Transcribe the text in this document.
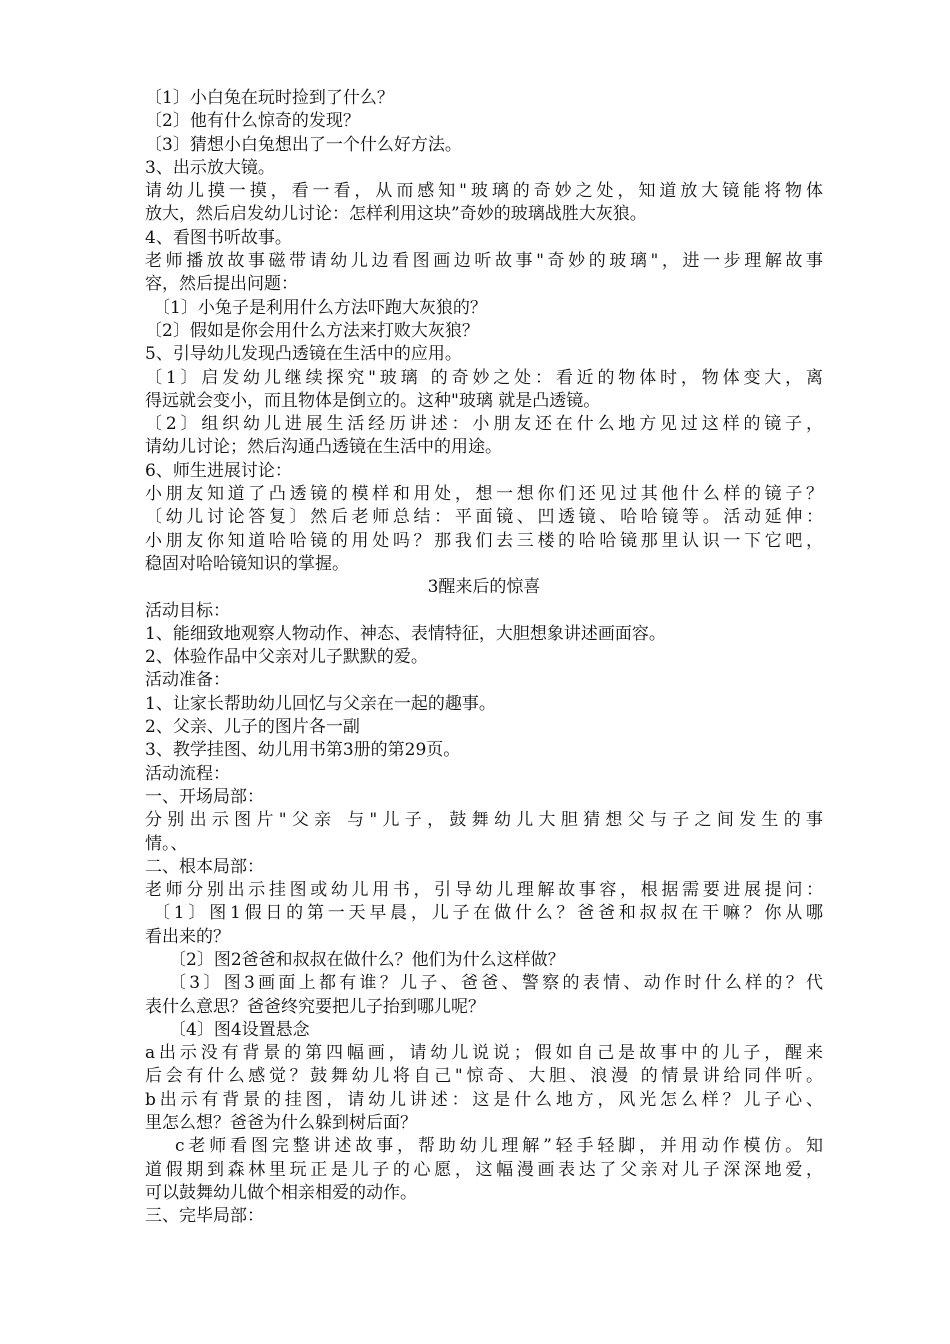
〔1〕小白兔在玩时捡到了什么？
〔2〕他有什么惊奇的发现？
〔3〕猜想小白兔想出了一个什么好方法。
3、出示放大镜。
请幼儿摸一摸，看一看，从而感知"玻璃的奇妙之处，知道放大镜能将物体
放大，然后启发幼儿讨论：怎样利用这块”奇妙的玻璃战胜大灰狼。
4、看图书听故事。
老师播放故事磁带请幼儿边看图画边听故事"奇妙的玻璃"，进一步理解故事
容，然后提出问题：
〔1〕小兔子是利用什么方法吓跑大灰狼的？
〔2〕假如是你会用什么方法来打败大灰狼？
5、引导幼儿发现凸透镜在生活中的应用。
〔1〕启发幼儿继续探究"玻璃 的奇妙之处：看近的物体时，物体变大，离
得远就会变小，而且物体是倒立的。这种"玻璃 就是凸透镜。
〔2〕组织幼儿进展生活经历讲述：小朋友还在什么地方见过这样的镜子，
请幼儿讨论；然后沟通凸透镜在生活中的用途。
6、师生进展讨论：
小朋友知道了凸透镜的模样和用处，想一想你们还见过其他什么样的镜子？
〔幼儿讨论答复〕然后老师总结：平面镜、凹透镜、哈哈镜等。活动延伸：
小朋友你知道哈哈镜的用处吗？那我们去三楼的哈哈镜那里认识一下它吧，
稳固对哈哈镜知识的掌握。
3醒来后的惊喜
活动目标：
1、能细致地观察人物动作、神态、表情特征，大胆想象讲述画面容。
2、体验作品中父亲对儿子默默的爱。
活动准备：
1、让家长帮助幼儿回忆与父亲在一起的趣事。
2、父亲、儿子的图片各一副
3、教学挂图、幼儿用书第3册的第29页。
活动流程：
一、开场局部：
分别出示图片"父亲 与"儿子，鼓舞幼儿大胆猜想父与子之间发生的事
情。、
二、根本局部：
老师分别出示挂图或幼儿用书，引导幼儿理解故事容，根据需要进展提问：
〔1〕图1假日的第一天早晨，儿子在做什么？爸爸和叔叔在干嘛？你从哪
看出来的？
〔2〕图2爸爸和叔叔在做什么？他们为什么这样做？
〔3〕图3画面上都有谁？儿子、爸爸、警察的表情、动作时什么样的？代
表什么意思？爸爸终究要把儿子抬到哪儿呢？
〔4〕图4设置悬念
a出示没有背景的第四幅画，请幼儿说说；假如自己是故事中的儿子，醒来
后会有什么感觉？鼓舞幼儿将自己"惊奇、大胆、浪漫 的情景讲给同伴听。
b出示有背景的挂图，请幼儿讲述：这是什么地方，风光怎么样？儿子心、
里怎么想？爸爸为什么躲到树后面？
c老师看图完整讲述故事，帮助幼儿理解”轻手轻脚，并用动作模仿。知
道假期到森林里玩正是儿子的心愿，这幅漫画表达了父亲对儿子深深地爱，
可以鼓舞幼儿做个相亲相爱的动作。
三、完毕局部：
